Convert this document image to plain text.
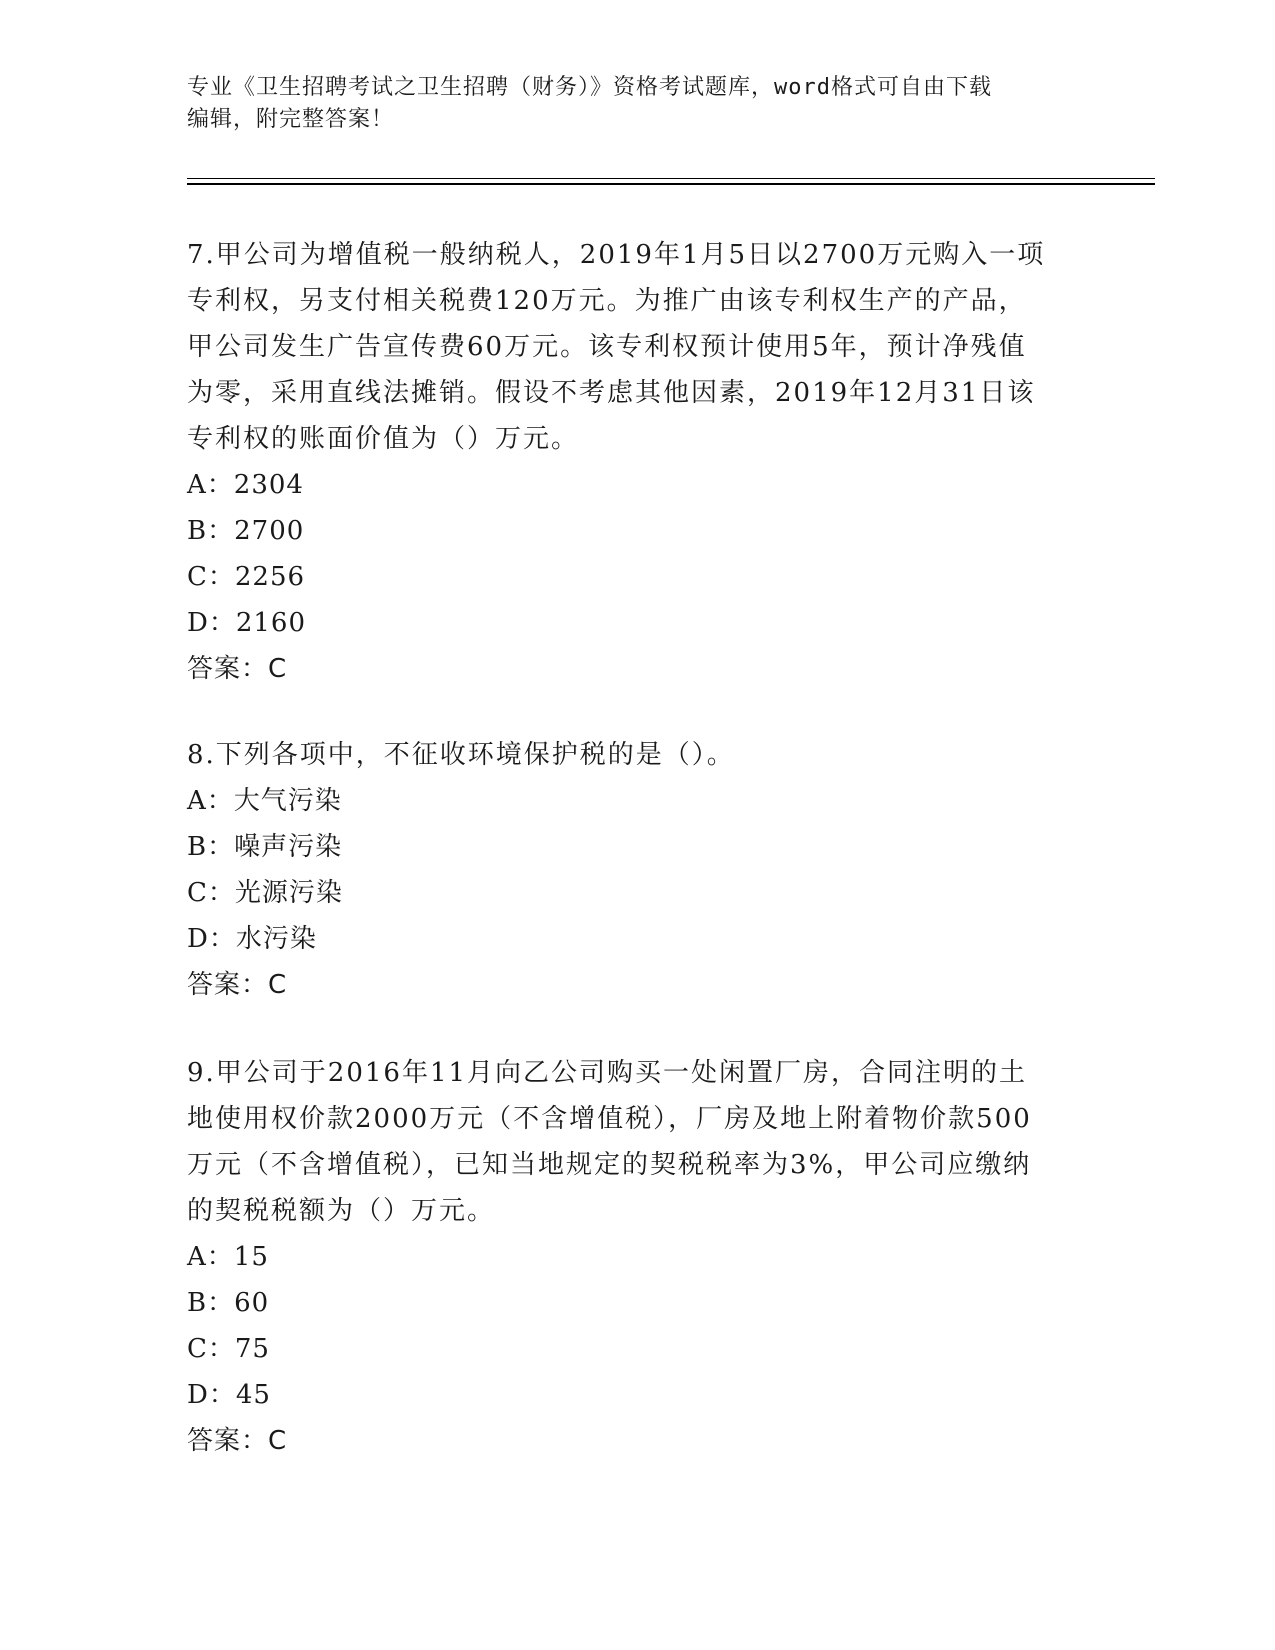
专业《卫生招聘考试之卫生招聘（财务）》资格考试题库，word格式可自由下载
编辑，附完整答案！

7.甲公司为增值税一般纳税人，2019年1月5日以2700万元购入一项

专利权，另支付相关税费120万元。为推广由该专利权生产的产品，

甲公司发生广告宣传费60万元。该专利权预计使用5年，预计净残值

为零，采用直线法摊销。假设不考虑其他因素，2019年12月31日该

专利权的账面价值为（）万元。

A：2304

B：2700

C：2256

D：2160

答案：C

8.下列各项中，不征收环境保护税的是（）。

A：大气污染

B：噪声污染

C：光源污染

D：水污染

答案：C

9.甲公司于2016年11月向乙公司购买一处闲置厂房，合同注明的土

地使用权价款2000万元（不含增值税），厂房及地上附着物价款500

万元（不含增值税），已知当地规定的契税税率为3%，甲公司应缴纳

的契税税额为（）万元。

A：15

B：60

C：75

D：45

答案：C
